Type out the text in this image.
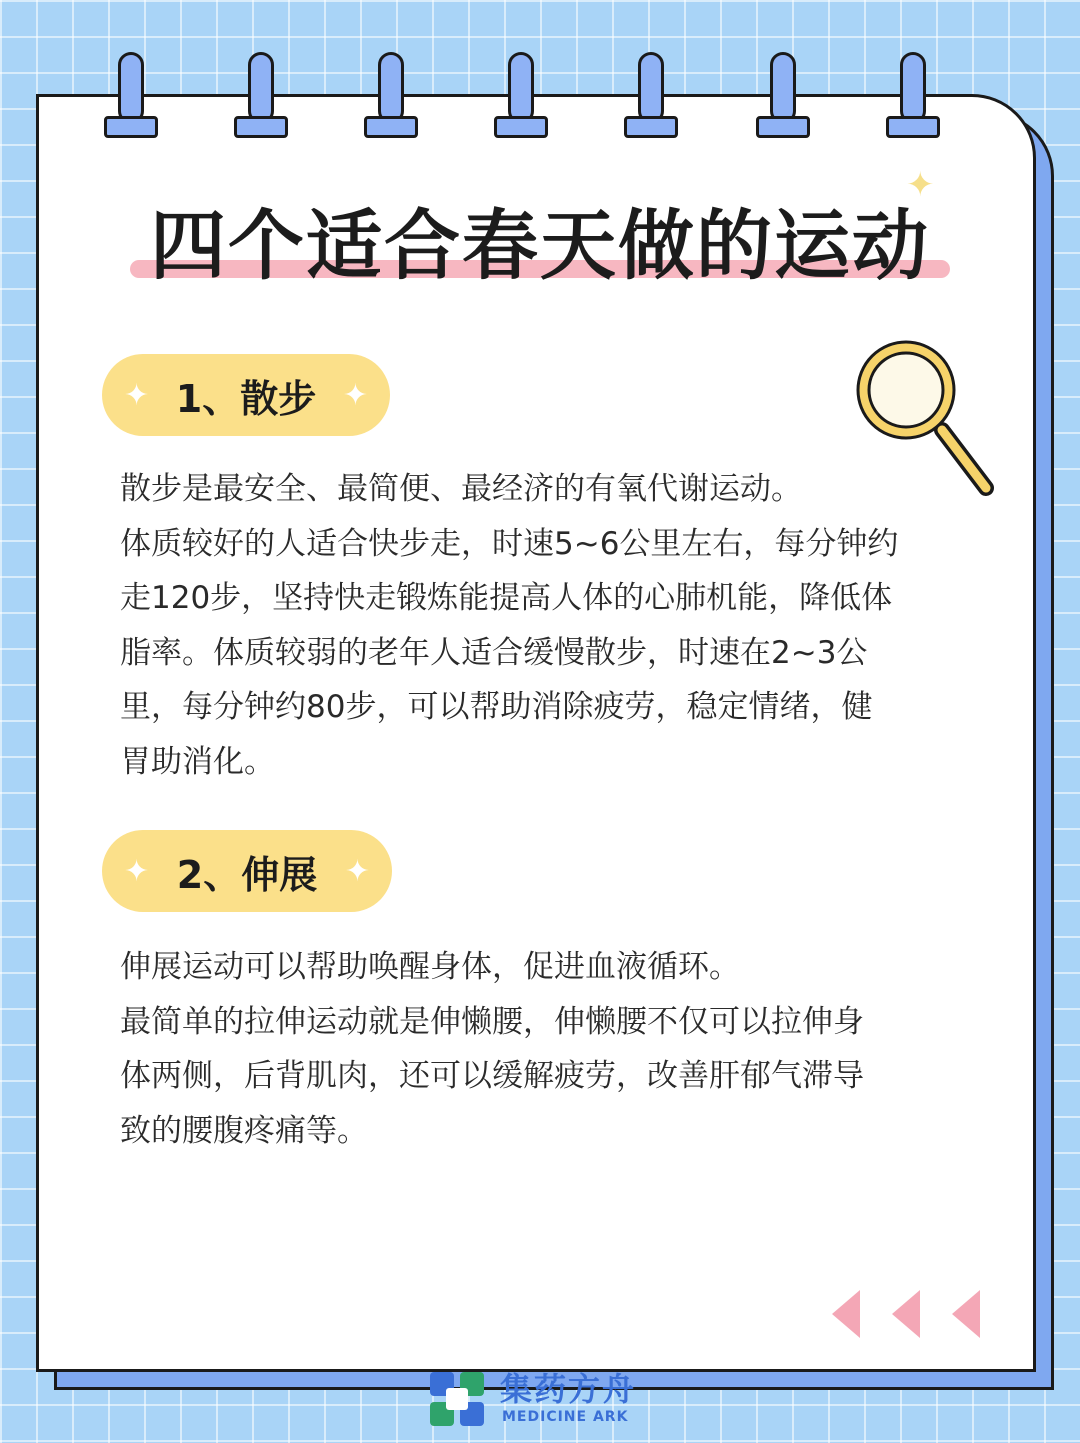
四个适合春天做的运动
✦
✦ 1、散步 ✦
散步是最安全、最简便、最经济的有氧代谢运动。
体质较好的人适合快步走，时速5~6公里左右，每分钟约
走120步，坚持快走锻炼能提高人体的心肺机能，降低体
脂率。体质较弱的老年人适合缓慢散步，时速在2~3公
里，每分钟约80步，可以帮助消除疲劳，稳定情绪，健
胃助消化。
✦ 2、伸展 ✦
伸展运动可以帮助唤醒身体，促进血液循环。
最简单的拉伸运动就是伸懒腰，伸懒腰不仅可以拉伸身
体两侧，后背肌肉，还可以缓解疲劳，改善肝郁气滞导
致的腰腹疼痛等。
集药方舟
MEDICINE ARK
